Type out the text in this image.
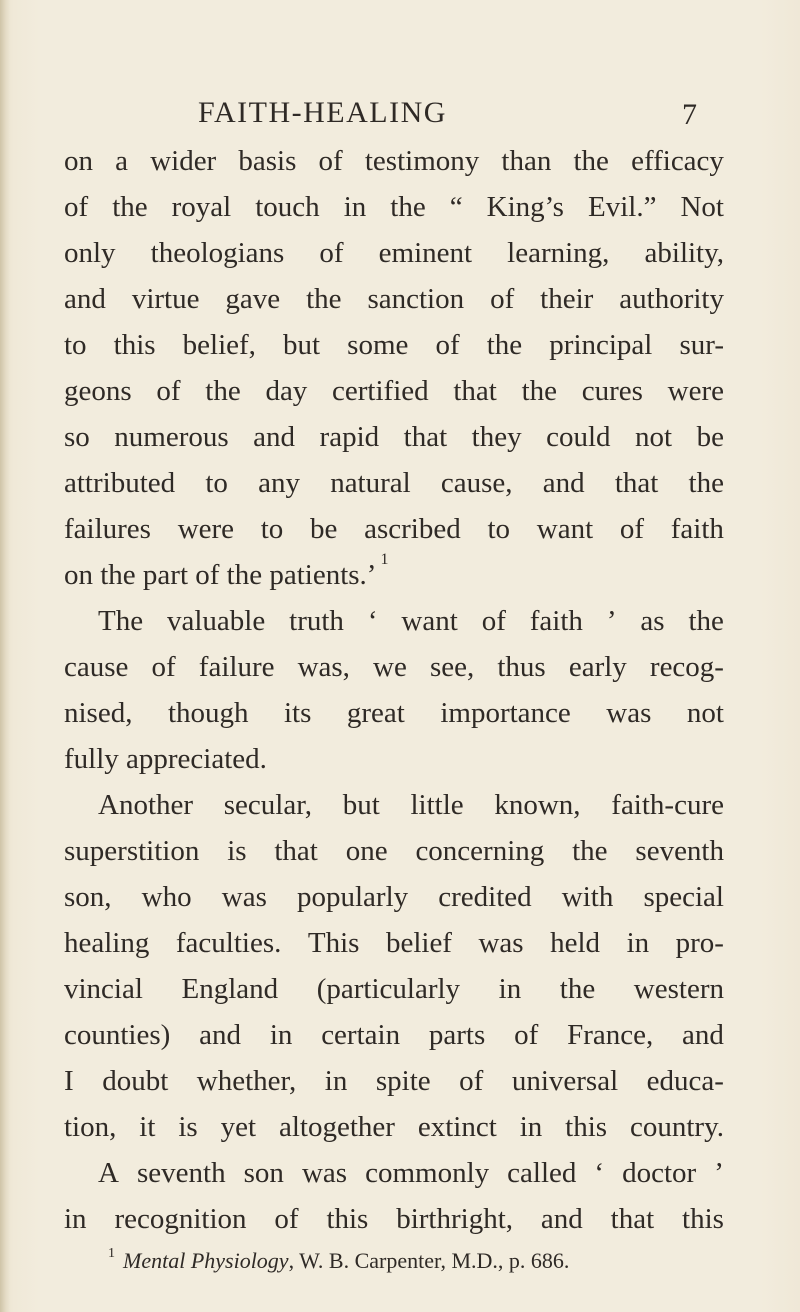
FAITH-HEALING	7
on a wider basis of testimony than the efficacy
of the royal touch in the “ King’s Evil.” Not
only theologians of eminent learning, ability,
and virtue gave the sanction of their authority
to this belief, but some of the principal sur-
geons of the day certified that the cures were
so numerous and rapid that they could not be
attributed to any natural cause, and that the
failures were to be ascribed to want of faith
on the part of the patients.’ 1
The valuable truth ‘ want of faith ’ as the
cause of failure was, we see, thus early recog-
nised, though its great importance was not
fully appreciated.
Another secular, but little known, faith-cure
superstition is that one concerning the seventh
son, who was popularly credited with special
healing faculties. This belief was held in pro-
vincial England (particularly in the western
counties) and in certain parts of France, and
I doubt whether, in spite of universal educa-
tion, it is yet altogether extinct in this country.
A seventh son was commonly called ‘ doctor ’
in recognition of this birthright, and that this
$^1$ Mental Physiology, W. B. Carpenter, M.D., p. 686.
